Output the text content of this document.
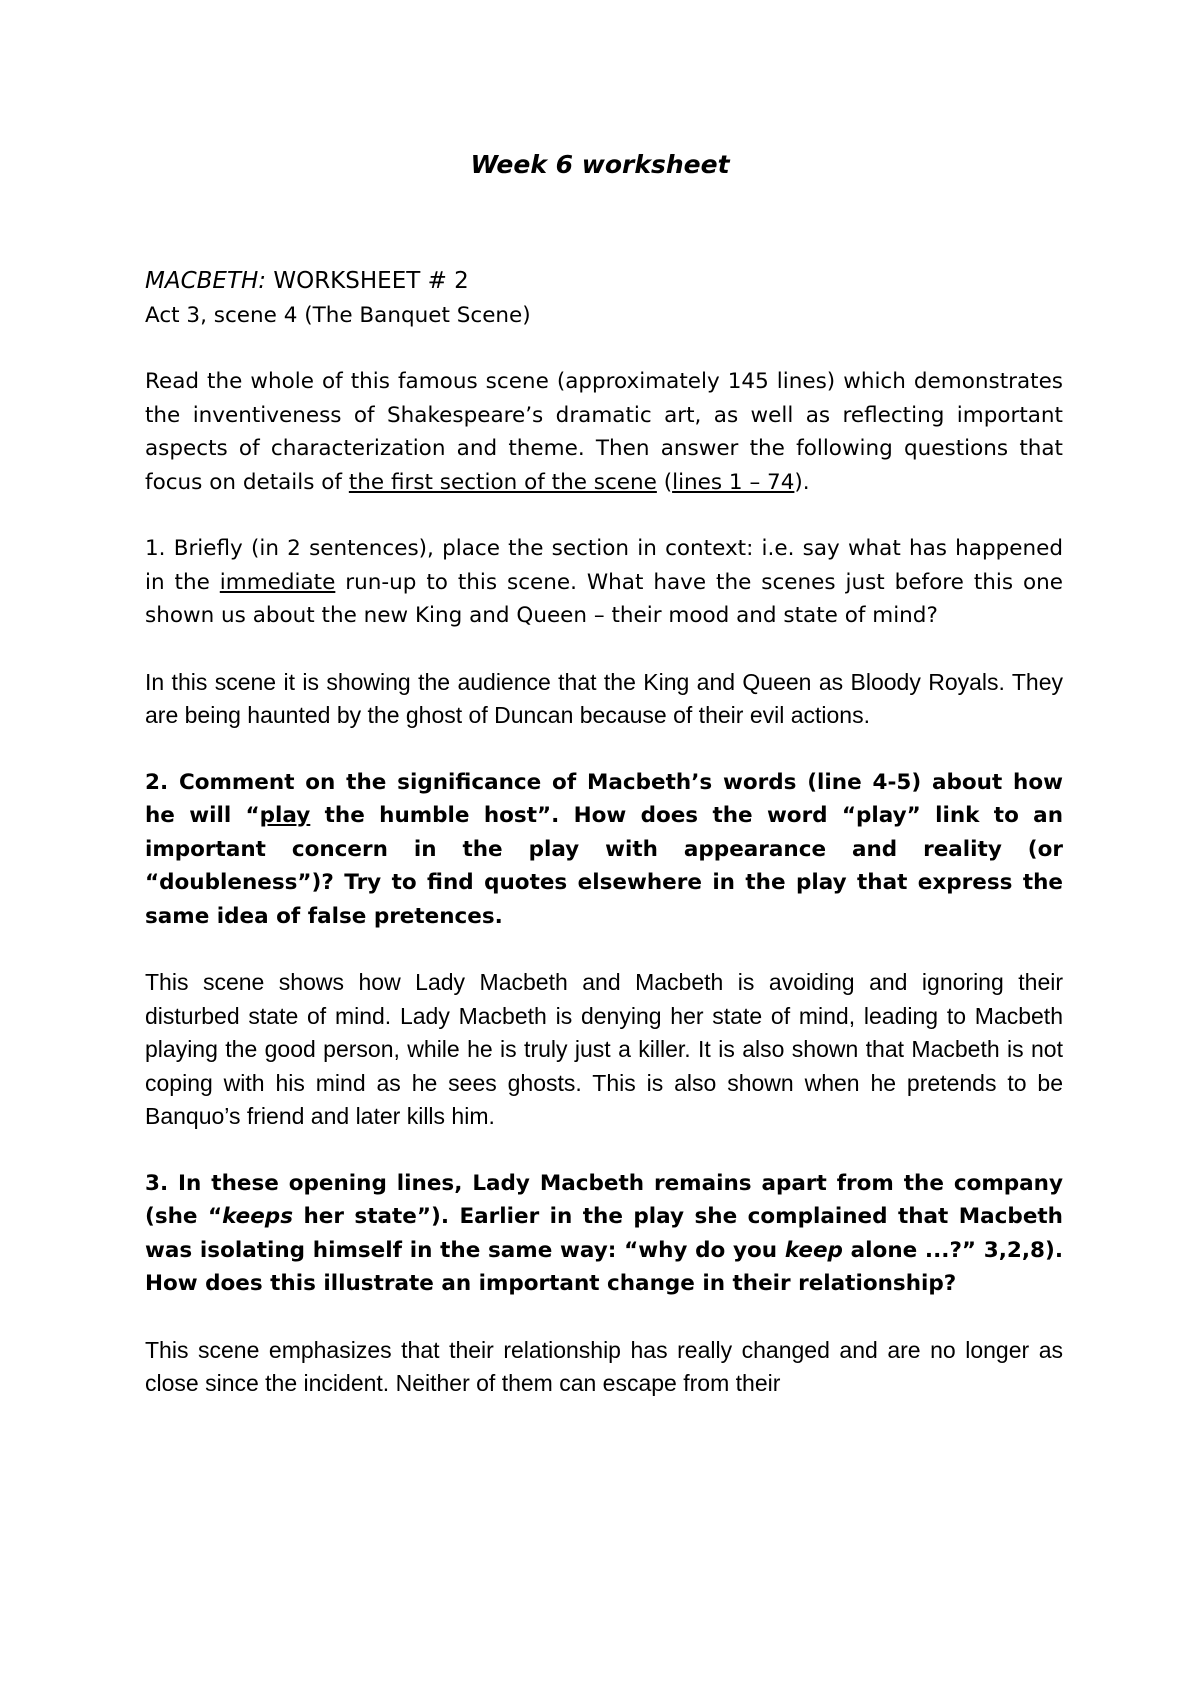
Week 6 worksheet

MACBETH: WORKSHEET # 2

Act 3, scene 4 (The Banquet Scene)

Read the whole of this famous scene (approximately 145 lines) which demonstrates the inventiveness of Shakespeare’s dramatic art, as well as reflecting important aspects of characterization and theme. Then answer the following questions that focus on details of the first section of the scene (lines 1 – 74).

1. Briefly (in 2 sentences), place the section in context: i.e. say what has happened in the immediate run-up to this scene. What have the scenes just before this one shown us about the new King and Queen – their mood and state of mind?

In this scene it is showing the audience that the King and Queen as Bloody Royals. They are being haunted by the ghost of Duncan because of their evil actions.

2. Comment on the significance of Macbeth’s words (line 4-5) about how he will “play the humble host”. How does the word “play” link to an important concern in the play with appearance and reality (or “doubleness”)? Try to find quotes elsewhere in the play that express the same idea of false pretences.

This scene shows how Lady Macbeth and Macbeth is avoiding and ignoring their disturbed state of mind. Lady Macbeth is denying her state of mind, leading to Macbeth playing the good person, while he is truly just a killer. It is also shown that Macbeth is not coping with his mind as he sees ghosts. This is also shown when he pretends to be Banquo’s friend and later kills him.

3. In these opening lines, Lady Macbeth remains apart from the company (she “keeps her state”). Earlier in the play she complained that Macbeth was isolating himself in the same way: “why do you keep alone ...?” 3,2,8). How does this illustrate an important change in their relationship?

This scene emphasizes that their relationship has really changed and are no longer as close since the incident. Neither of them can escape from their
